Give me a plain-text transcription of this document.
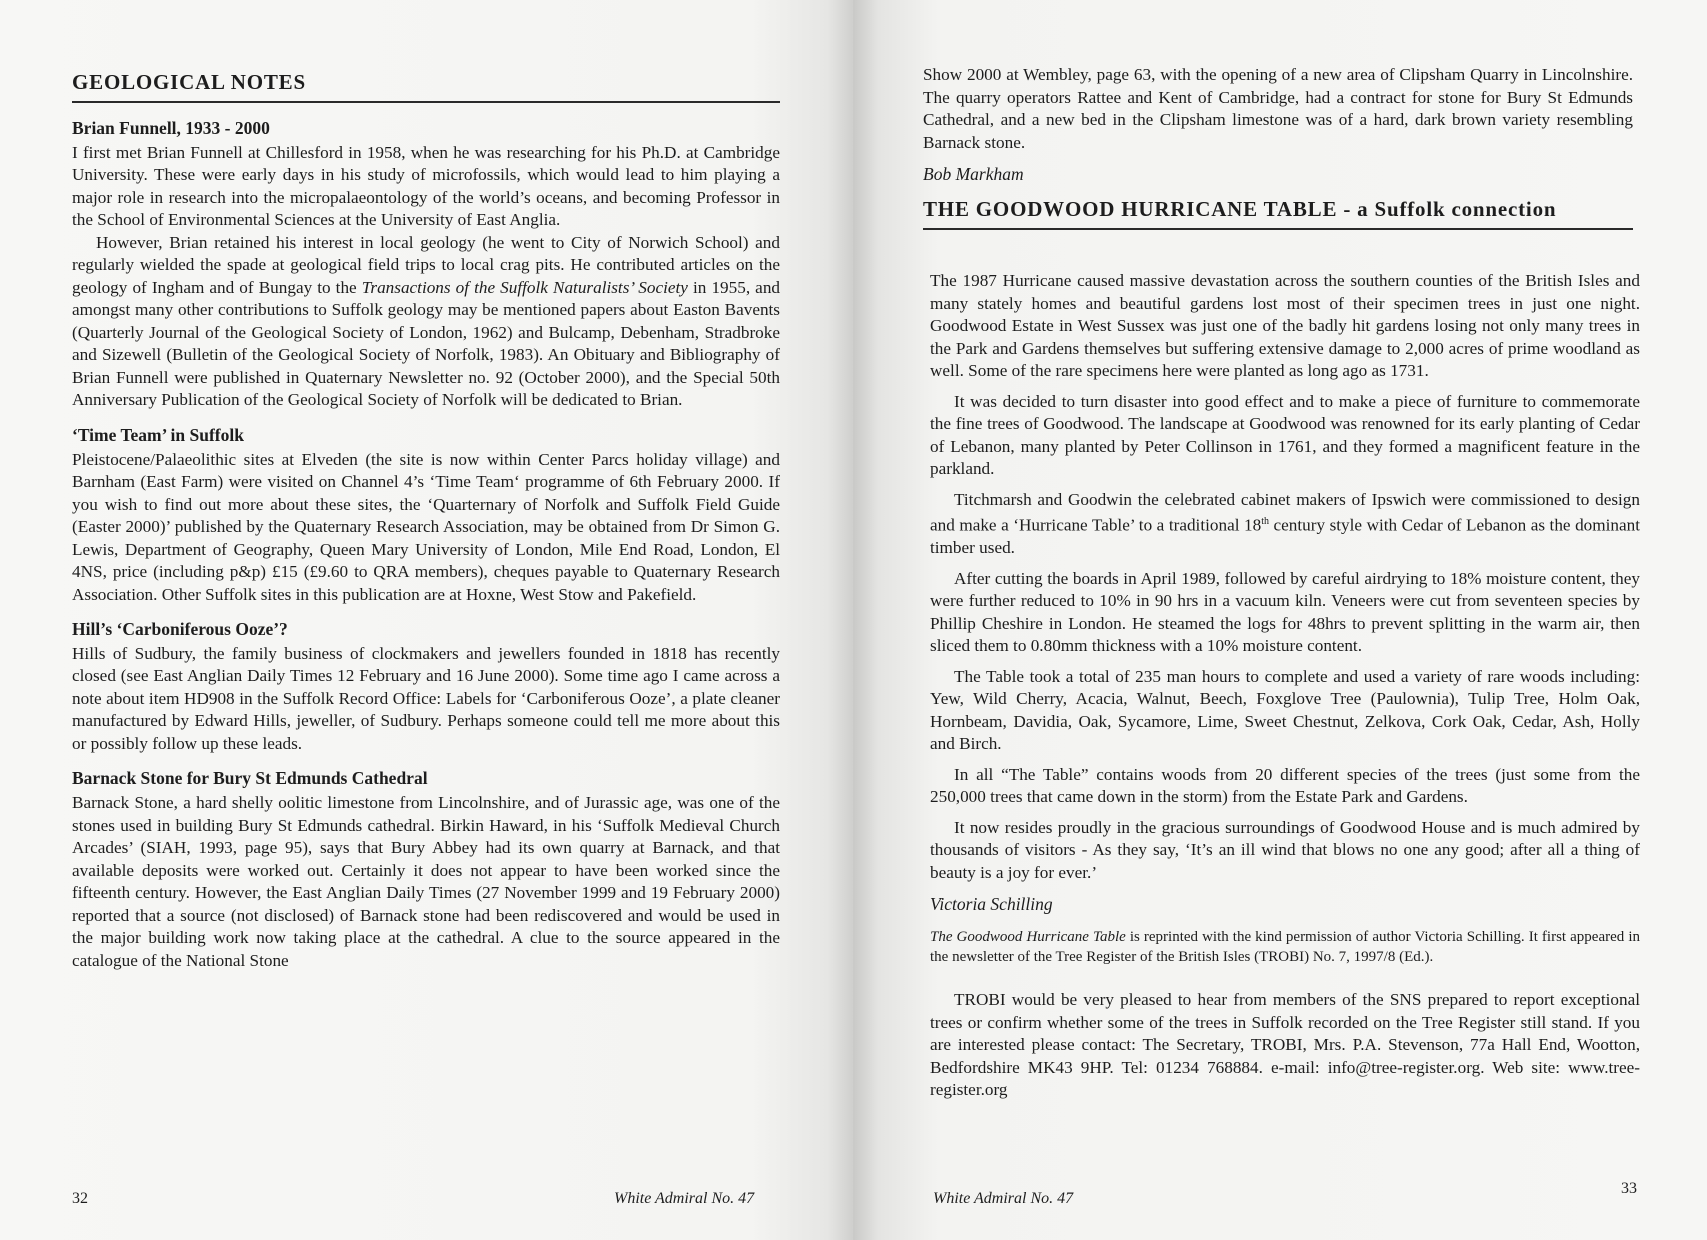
GEOLOGICAL NOTES
Brian Funnell, 1933 - 2000

I first met Brian Funnell at Chillesford in 1958, when he was researching for his Ph.D. at Cambridge University. These were early days in his study of microfossils, which would lead to him playing a major role in research into the micropalaeontology of the world’s oceans, and becoming Professor in the School of Environmental Sciences at the University of East Anglia.

However, Brian retained his interest in local geology (he went to City of Norwich School) and regularly wielded the spade at geological field trips to local crag pits. He contributed articles on the geology of Ingham and of Bungay to the Transactions of the Suffolk Naturalists’ Society in 1955, and amongst many other contributions to Suffolk geology may be mentioned papers about Easton Bavents (Quarterly Journal of the Geological Society of London, 1962) and Bulcamp, Debenham, Stradbroke and Sizewell (Bulletin of the Geological Society of Norfolk, 1983). An Obituary and Bibliography of Brian Funnell were published in Quaternary Newsletter no. 92 (October 2000), and the Special 50th Anniversary Publication of the Geological Society of Norfolk will be dedicated to Brian.

‘Time Team’ in Suffolk

Pleistocene/Palaeolithic sites at Elveden (the site is now within Center Parcs holiday village) and Barnham (East Farm) were visited on Channel 4’s ‘Time Team‘ programme of 6th February 2000. If you wish to find out more about these sites, the ‘Quarternary of Norfolk and Suffolk Field Guide (Easter 2000)’ published by the Quaternary Research Association, may be obtained from Dr Simon G. Lewis, Department of Geography, Queen Mary University of London, Mile End Road, London, El 4NS, price (including p&p) £15 (£9.60 to QRA members), cheques payable to Quaternary Research Association. Other Suffolk sites in this publication are at Hoxne, West Stow and Pakefield.

Hill’s ‘Carboniferous Ooze’?

Hills of Sudbury, the family business of clockmakers and jewellers founded in 1818 has recently closed (see East Anglian Daily Times 12 February and 16 June 2000). Some time ago I came across a note about item HD908 in the Suffolk Record Office: Labels for ‘Carboniferous Ooze’, a plate cleaner manufactured by Edward Hills, jeweller, of Sudbury. Perhaps someone could tell me more about this or possibly follow up these leads.

Barnack Stone for Bury St Edmunds Cathedral

Barnack Stone, a hard shelly oolitic limestone from Lincolnshire, and of Jurassic age, was one of the stones used in building Bury St Edmunds cathedral. Birkin Haward, in his ‘Suffolk Medieval Church Arcades’ (SIAH, 1993, page 95), says that Bury Abbey had its own quarry at Barnack, and that available deposits were worked out. Certainly it does not appear to have been worked since the fifteenth century. However, the East Anglian Daily Times (27 November 1999 and 19 February 2000) reported that a source (not disclosed) of Barnack stone had been rediscovered and would be used in the major building work now taking place at the cathedral. A clue to the source appeared in the catalogue of the National Stone

32	White Admiral No. 47

Show 2000 at Wembley, page 63, with the opening of a new area of Clipsham Quarry in Lincolnshire. The quarry operators Rattee and Kent of Cambridge, had a contract for stone for Bury St Edmunds Cathedral, and a new bed in the Clipsham limestone was of a hard, dark brown variety resembling Barnack stone.

Bob Markham
THE GOODWOOD HURRICANE TABLE - a Suffolk connection

The 1987 Hurricane caused massive devastation across the southern counties of the British Isles and many stately homes and beautiful gardens lost most of their specimen trees in just one night. Goodwood Estate in West Sussex was just one of the badly hit gardens losing not only many trees in the Park and Gardens themselves but suffering extensive damage to 2,000 acres of prime woodland as well. Some of the rare specimens here were planted as long ago as 1731.

It was decided to turn disaster into good effect and to make a piece of furniture to commemorate the fine trees of Goodwood. The landscape at Goodwood was renowned for its early planting of Cedar of Lebanon, many planted by Peter Collinson in 1761, and they formed a magnificent feature in the parkland.

Titchmarsh and Goodwin the celebrated cabinet makers of Ipswich were commissioned to design and make a ‘Hurricane Table’ to a traditional 18th century style with Cedar of Lebanon as the dominant timber used.

After cutting the boards in April 1989, followed by careful airdrying to 18% moisture content, they were further reduced to 10% in 90 hrs in a vacuum kiln. Veneers were cut from seventeen species by Phillip Cheshire in London. He steamed the logs for 48hrs to prevent splitting in the warm air, then sliced them to 0.80mm thickness with a 10% moisture content.

The Table took a total of 235 man hours to complete and used a variety of rare woods including: Yew, Wild Cherry, Acacia, Walnut, Beech, Foxglove Tree (Paulownia), Tulip Tree, Holm Oak, Hornbeam, Davidia, Oak, Sycamore, Lime, Sweet Chestnut, Zelkova, Cork Oak, Cedar, Ash, Holly and Birch.

In all “The Table” contains woods from 20 different species of the trees (just some from the 250,000 trees that came down in the storm) from the Estate Park and Gardens.

It now resides proudly in the gracious surroundings of Goodwood House and is much admired by thousands of visitors - As they say, ‘It’s an ill wind that blows no one any good; after all a thing of beauty is a joy for ever.’

Victoria Schilling

The Goodwood Hurricane Table is reprinted with the kind permission of author Victoria Schilling. It first appeared in the newsletter of the Tree Register of the British Isles (TROBI) No. 7, 1997/8 (Ed.).

TROBI would be very pleased to hear from members of the SNS prepared to report exceptional trees or confirm whether some of the trees in Suffolk recorded on the Tree Register still stand. If you are interested please contact: The Secretary, TROBI, Mrs. P.A. Stevenson, 77a Hall End, Wootton, Bedfordshire MK43 9HP. Tel: 01234 768884. e-mail: info@tree-register.org. Web site: www.tree-register.org

White Admiral No. 47
33
